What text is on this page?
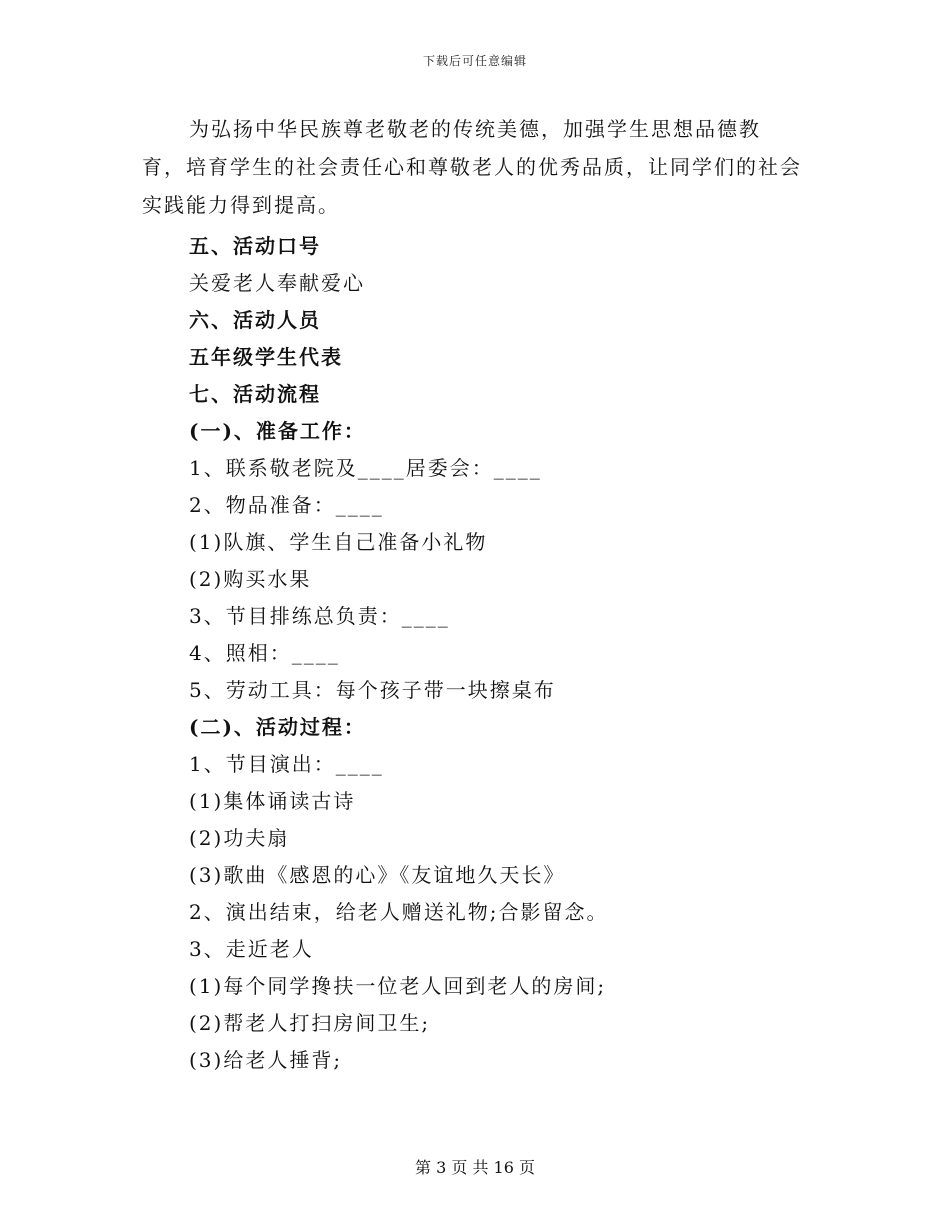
下载后可任意编辑

为弘扬中华民族尊老敬老的传统美德，加强学生思想品德教育，培育学生的社会责任心和尊敬老人的优秀品质，让同学们的社会实践能力得到提高。

五、活动口号
关爱老人奉献爱心
六、活动人员
五年级学生代表
七、活动流程
(一)、准备工作：
1、联系敬老院及____居委会：____
2、物品准备：____
(1)队旗、学生自己准备小礼物
(2)购买水果
3、节目排练总负责：____
4、照相：____
5、劳动工具：每个孩子带一块擦桌布
(二)、活动过程：
1、节目演出：____
(1)集体诵读古诗
(2)功夫扇
(3)歌曲《感恩的心》《友谊地久天长》
2、演出结束，给老人赠送礼物;合影留念。
3、走近老人
(1)每个同学搀扶一位老人回到老人的房间;
(2)帮老人打扫房间卫生;
(3)给老人捶背;
第 3 页 共 16 页
